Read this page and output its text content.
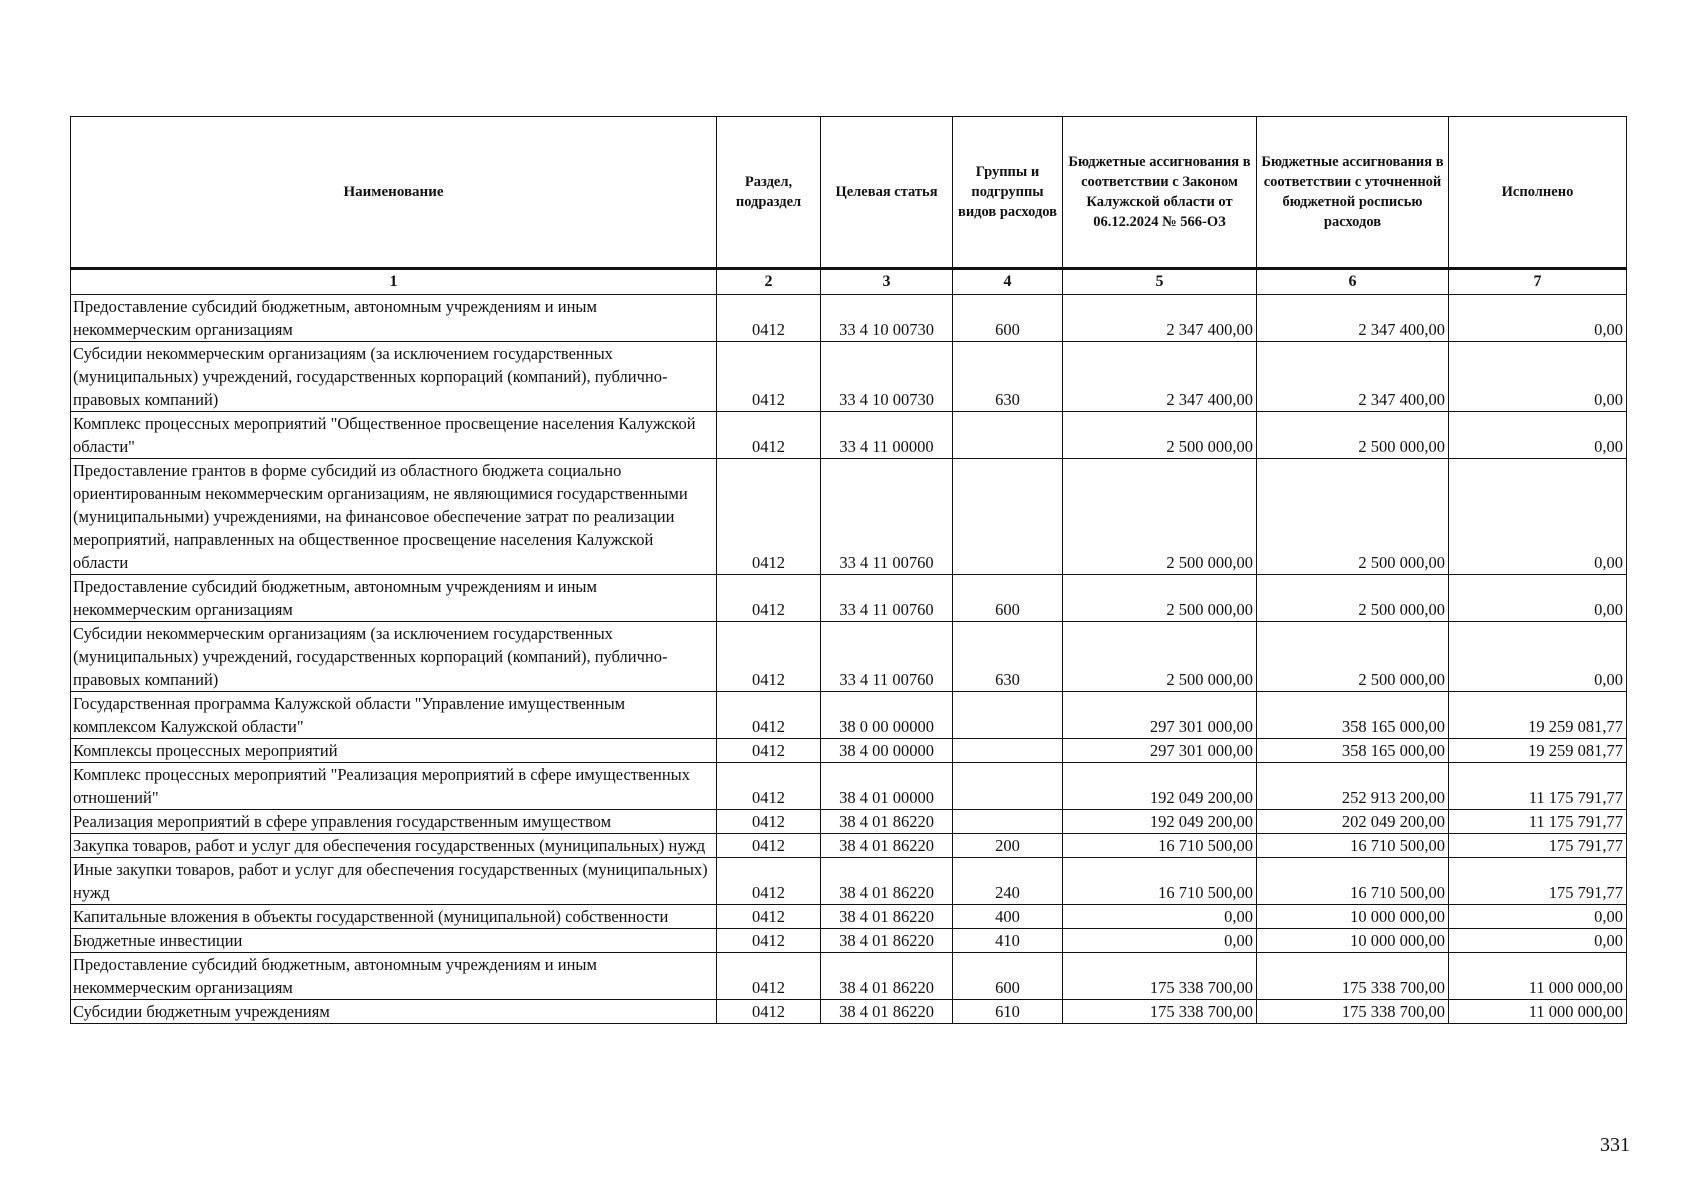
Наименование	Раздел, подраздел	Целевая статья	Группы и подгруппы видов расходов	Бюджетные ассигнования в соответствии с Законом Калужской области от 06.12.2024 № 566-ОЗ	Бюджетные ассигнования в соответствии с уточненной бюджетной росписью расходов	Исполнено
1	2	3	4	5	6	7
Предоставление субсидий бюджетным, автономным учреждениям и иным некоммерческим организациям	0412	33 4 10 00730	600	2 347 400,00	2 347 400,00	0,00
Субсидии некоммерческим организациям (за исключением государственных (муниципальных) учреждений, государственных корпораций (компаний), публично-правовых компаний)	0412	33 4 10 00730	630	2 347 400,00	2 347 400,00	0,00
Комплекс процессных мероприятий "Общественное просвещение населения Калужской области"	0412	33 4 11 00000		2 500 000,00	2 500 000,00	0,00
Предоставление грантов в форме субсидий из областного бюджета социально ориентированным некоммерческим организациям, не являющимися государственными (муниципальными) учреждениями, на финансовое обеспечение затрат по реализации мероприятий, направленных на общественное просвещение населения Калужской области	0412	33 4 11 00760		2 500 000,00	2 500 000,00	0,00
Предоставление субсидий бюджетным, автономным учреждениям и иным некоммерческим организациям	0412	33 4 11 00760	600	2 500 000,00	2 500 000,00	0,00
Субсидии некоммерческим организациям (за исключением государственных (муниципальных) учреждений, государственных корпораций (компаний), публично-правовых компаний)	0412	33 4 11 00760	630	2 500 000,00	2 500 000,00	0,00
Государственная программа Калужской области "Управление имущественным комплексом Калужской области"	0412	38 0 00 00000		297 301 000,00	358 165 000,00	19 259 081,77
Комплексы процессных мероприятий	0412	38 4 00 00000		297 301 000,00	358 165 000,00	19 259 081,77
Комплекс процессных мероприятий "Реализация мероприятий в сфере имущественных отношений"	0412	38 4 01 00000		192 049 200,00	252 913 200,00	11 175 791,77
Реализация мероприятий в сфере управления государственным имуществом	0412	38 4 01 86220		192 049 200,00	202 049 200,00	11 175 791,77
Закупка товаров, работ и услуг для обеспечения государственных (муниципальных) нужд	0412	38 4 01 86220	200	16 710 500,00	16 710 500,00	175 791,77
Иные закупки товаров, работ и услуг для обеспечения государственных (муниципальных) нужд	0412	38 4 01 86220	240	16 710 500,00	16 710 500,00	175 791,77
Капитальные вложения в объекты государственной (муниципальной) собственности	0412	38 4 01 86220	400	0,00	10 000 000,00	0,00
Бюджетные инвестиции	0412	38 4 01 86220	410	0,00	10 000 000,00	0,00
Предоставление субсидий бюджетным, автономным учреждениям и иным некоммерческим организациям	0412	38 4 01 86220	600	175 338 700,00	175 338 700,00	11 000 000,00
Субсидии бюджетным учреждениям	0412	38 4 01 86220	610	175 338 700,00	175 338 700,00	11 000 000,00
331
